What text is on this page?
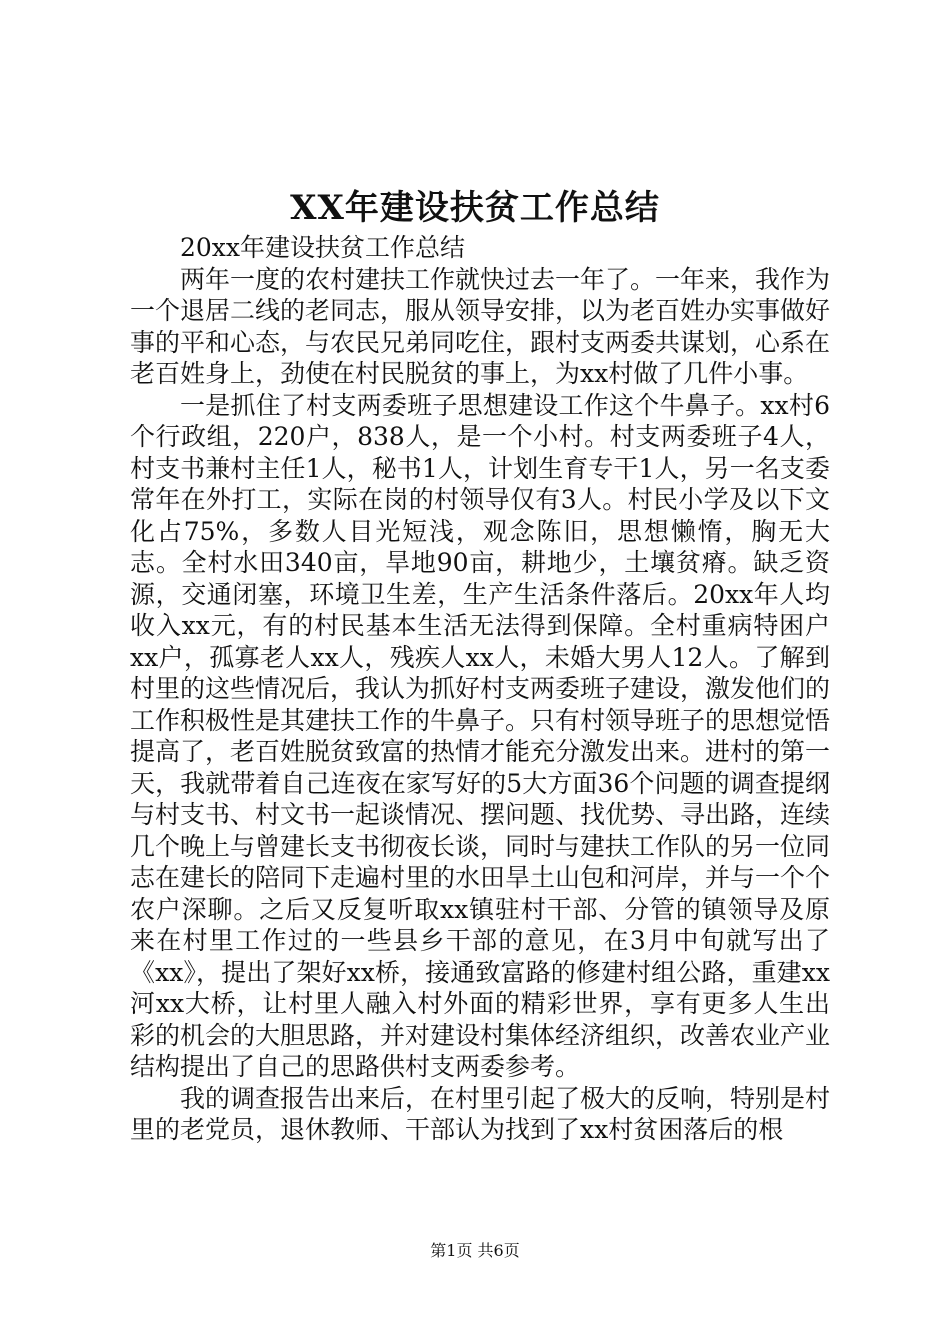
XX年建设扶贫工作总结

20xx年建设扶贫工作总结

两年一度的农村建扶工作就快过去一年了。一年来，我作为一个退居二线的老同志，服从领导安排，以为老百姓办实事做好事的平和心态，与农民兄弟同吃住，跟村支两委共谋划，心系在老百姓身上，劲使在村民脱贫的事上，为xx村做了几件小事。

一是抓住了村支两委班子思想建设工作这个牛鼻子。xx村6个行政组，220户，838人，是一个小村。村支两委班子4人，村支书兼村主任1人，秘书1人，计划生育专干1人，另一名支委常年在外打工，实际在岗的村领导仅有3人。村民小学及以下文化占75%，多数人目光短浅，观念陈旧，思想懒惰，胸无大志。全村水田340亩，旱地90亩，耕地少，土壤贫瘠。缺乏资源，交通闭塞，环境卫生差，生产生活条件落后。20xx年人均收入xx元，有的村民基本生活无法得到保障。全村重病特困户xx户，孤寡老人xx人，残疾人xx人，未婚大男人12人。了解到村里的这些情况后，我认为抓好村支两委班子建设，激发他们的工作积极性是其建扶工作的牛鼻子。只有村领导班子的思想觉悟提高了，老百姓脱贫致富的热情才能充分激发出来。进村的第一天，我就带着自己连夜在家写好的5大方面36个问题的调查提纲与村支书、村文书一起谈情况、摆问题、找优势、寻出路，连续几个晚上与曾建长支书彻夜长谈，同时与建扶工作队的另一位同志在建长的陪同下走遍村里的水田旱土山包和河岸，并与一个个农户深聊。之后又反复听取xx镇驻村干部、分管的镇领导及原来在村里工作过的一些县乡干部的意见，在3月中旬就写出了《xx》，提出了架好xx桥，接通致富路的修建村组公路，重建xx河xx大桥，让村里人融入村外面的精彩世界，享有更多人生出彩的机会的大胆思路，并对建设村集体经济组织，改善农业产业结构提出了自己的思路供村支两委参考。

我的调查报告出来后，在村里引起了极大的反响，特别是村里的老党员，退休教师、干部认为找到了xx村贫困落后的根

第1页 共6页
